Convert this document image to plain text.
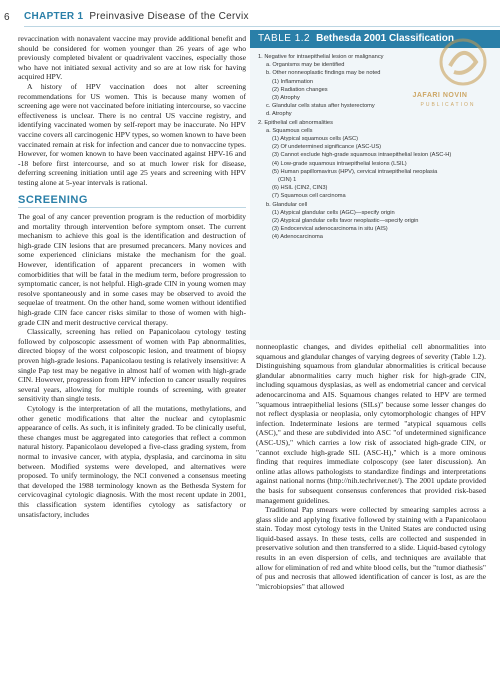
6 CHAPTER 1 Preinvasive Disease of the Cervix

revaccination with nonavalent vaccine may provide additional benefit and should be considered for women younger than 26 years of age who previously completed bivalent or quadrivalent vaccines, especially those who have not initiated sexual activity and so are at low risk for having acquired HPV.

A history of HPV vaccination does not alter screening recommendations for US women. This is because many women of screening age were not vaccinated before initiating intercourse, so vaccine effectiveness is unclear. There is no central US vaccine registry, and identifying vaccinated women by self-report may be inaccurate. No HPV vaccine covers all carcinogenic HPV types, so women known to have been vaccinated remain at risk for infection and cancer due to nonvaccine types. However, for women known to have been vaccinated against HPV-16 and -18 before first intercourse, and so at much lower risk for disease, deferring screening initiation until age 25 years and screening with HPV testing alone at 5-year intervals is rational.

SCREENING

The goal of any cancer prevention program is the reduction of morbidity and mortality through intervention before symptom onset. The current mechanism to achieve this goal is the identification and destruction of high-grade CIN lesions that are presumed precancers. Many novices and some experienced clinicians mistake the mechanism for the goal. However, identification of apparent precancers in women with comorbidities that will be fatal in the medium term, before progression to symptomatic cancer, is not helpful. High-grade CIN in young women may resolve spontaneously and in some cases may be observed to avoid the sequelae of treatment. On the other hand, some women without identified high-grade CIN face cancer risks similar to those of women with high-grade CIN and merit destructive cervical therapy.

Classically, screening has relied on Papanicolaou cytology testing followed by colposcopic assessment of women with Pap abnormalities, directed biopsy of the worst colposcopic lesion, and treatment of biopsy proven high-grade lesions. Papanicolaou testing is relatively insensitive: A single Pap test may be negative in almost half of women with high-grade CIN. However, progression from HPV infection to cancer usually requires several years, allowing for multiple rounds of screening, with greater sensitivity than single tests.

Cytology is the interpretation of all the mutations, methylations, and other genetic modifications that alter the nuclear and cytoplasmic appearance of cells. As such, it is infinitely graded. To be clinically useful, these changes must be aggregated into categories that reflect a common natural history. Papanicolaou developed a five-class grading system, from normal to invasive cancer, with atypia, dysplasia, and carcinoma in situ between. Modified systems were developed, and alternatives were proposed. To unify terminology, the NCI convened a consensus meeting that developed the 1988 terminology known as the Bethesda System for cervicovaginal cytologic diagnosis. With the most recent update in 2001, this classification system identifies cytology as satisfactory or unsatisfactory, includes

TABLE 1.2 Bethesda 2001 Classification
1. Negative for intraepithelial lesion or malignancy
a. Organisms may be identified
b. Other nonneoplastic findings may be noted
(1) Inflammation
(2) Radiation changes
(3) Atrophy
c. Glandular cells status after hysterectomy
d. Atrophy
2. Epithelial cell abnormalities
a. Squamous cells
(1) Atypical squamous cells (ASC)
(2) Of undetermined significance (ASC-US)
(3) Cannot exclude high-grade squamous intraepithelial lesion (ASC-H)
(4) Low-grade squamous intraepithelial lesions (LSIL)
(5) Human papillomavirus (HPV), cervical intraepithelial neoplasia
(CIN) 1
(6) HSIL (CIN2, CIN3)
(7) Squamous cell carcinoma
b. Glandular cell
(1) Atypical glandular cells (AGC)—specify origin
(2) Atypical glandular cells favor neoplastic—specify origin
(3) Endocervical adenocarcinoma in situ (AIS)
(4) Adenocarcinoma
JAFARI NOVIN
PUBLICATION

nonneoplastic changes, and divides epithelial cell abnormalities into squamous and glandular changes of varying degrees of severity (Table 1.2). Distinguishing squamous from glandular abnormalities is critical because glandular abnormalities carry much higher risk for high-grade CIN, including squamous dysplasias, as well as endometrial cancer and cervical adenocarcinoma and AIS. Squamous changes related to HPV are termed "squamous intraepithelial lesions (SILs)" because some lesser changes do not reflect dysplasia or neoplasia, only cytomorphologic changes of HPV infection. Indeterminate lesions are termed "atypical squamous cells (ASC)," and these are subdivided into ASC "of undetermined significance (ASC-US)," which carries a low risk of associated high-grade CIN, or "cannot exclude high-grade SIL (ASC-H)," which is a more ominous finding that requires immediate colposcopy (see later discussion). An online atlas allows pathologists to standardize findings and interpretations against national norms (http://nih.techriver.net/). The 2001 update provided the basis for subsequent consensus conferences that provided risk-based management guidelines.

Traditional Pap smears were collected by smearing samples across a glass slide and applying fixative followed by staining with a Papanicolaou stain. Today most cytology tests in the United States are conducted using liquid-based assays. In these tests, cells are collected and suspended in preservative solution and then transferred to a slide. Liquid-based cytology results in an even dispersion of cells, and techniques are available that allow for elimination of red and white blood cells, but the "tumor diathesis" of pus and necrosis that allowed identification of cancer is lost, as are the "microbiopsies" that allowed
